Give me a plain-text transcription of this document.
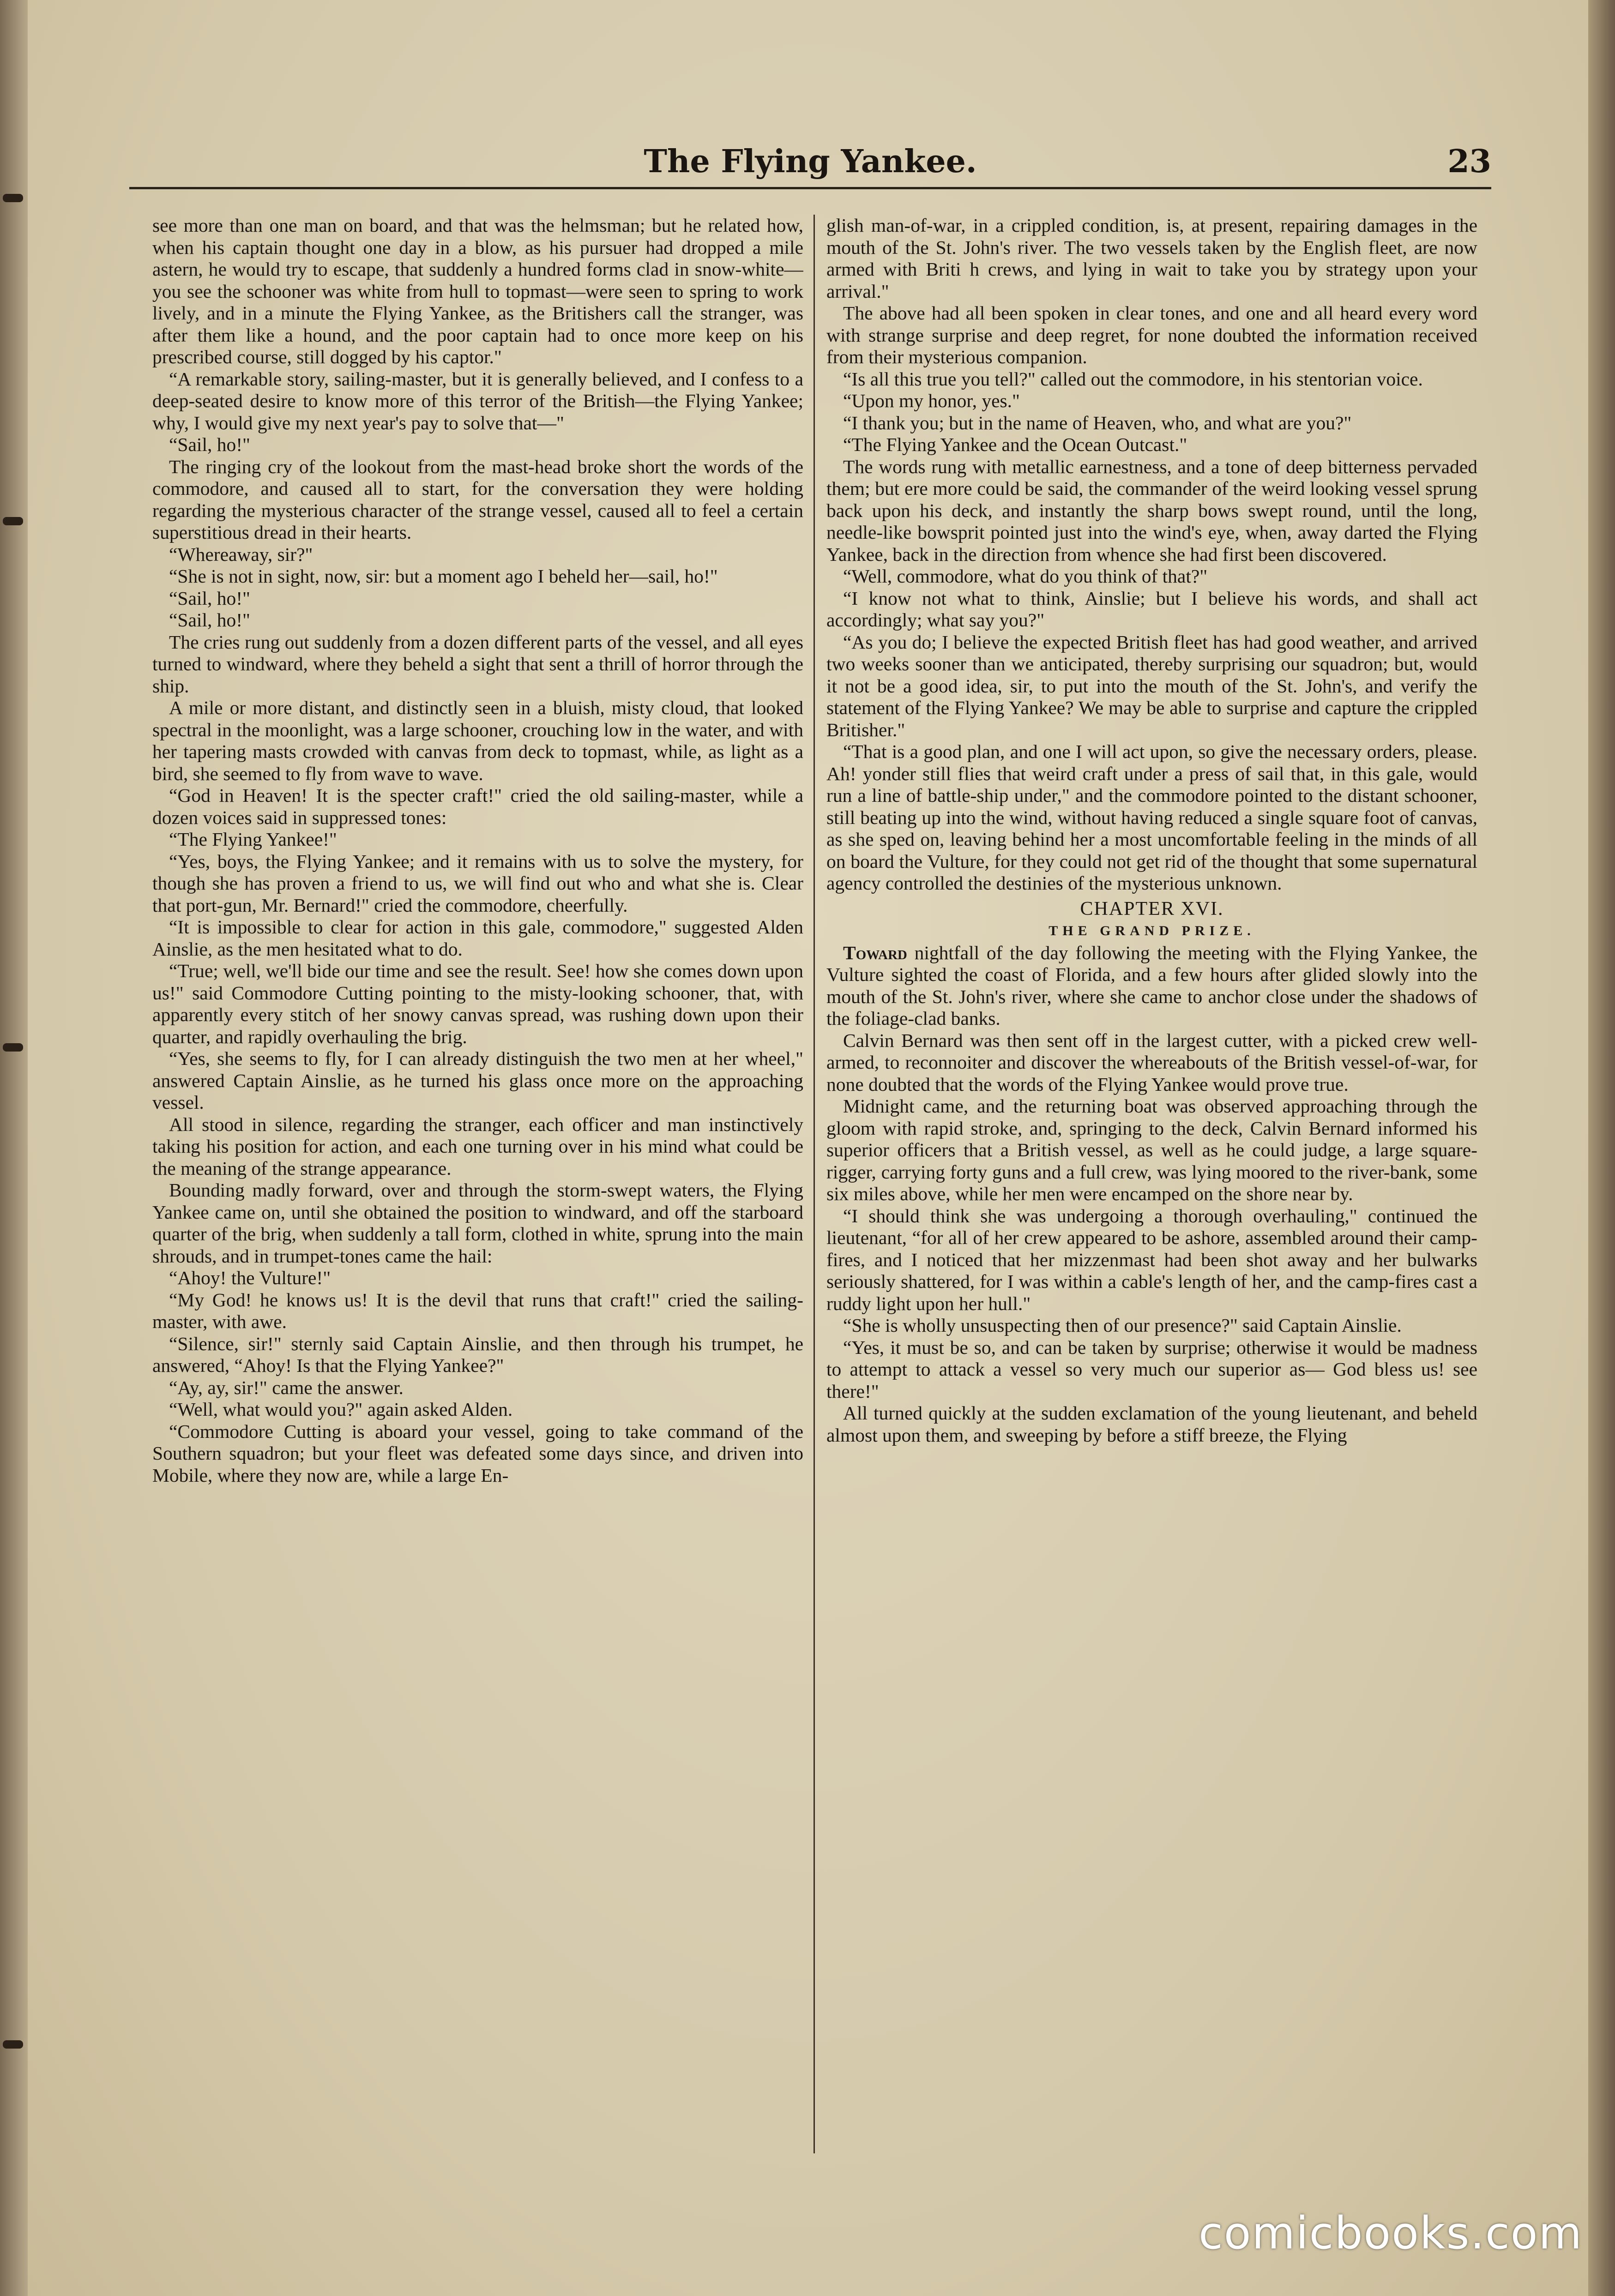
The Flying Yankee.	23

see more than one man on board, and that was the helmsman; but he related how, when his captain thought one day in a blow, as his pursuer had dropped a mile astern, he would try to escape, that suddenly a hundred forms clad in snow-white—you see the schooner was white from hull to topmast—were seen to spring to work lively, and in a minute the Flying Yankee, as the Britishers call the stranger, was after them like a hound, and the poor captain had to once more keep on his prescribed course, still dogged by his captor."

“A remarkable story, sailing-master, but it is generally believed, and I confess to a deep-seated desire to know more of this terror of the British—the Flying Yankee; why, I would give my next year's pay to solve that—"

“Sail, ho!"

The ringing cry of the lookout from the mast-head broke short the words of the commodore, and caused all to start, for the conversation they were holding regarding the mysterious character of the strange vessel, caused all to feel a certain superstitious dread in their hearts.

“Whereaway, sir?"

“She is not in sight, now, sir: but a moment ago I beheld her—sail, ho!"

“Sail, ho!"

“Sail, ho!"

The cries rung out suddenly from a dozen different parts of the vessel, and all eyes turned to windward, where they beheld a sight that sent a thrill of horror through the ship.

A mile or more distant, and distinctly seen in a bluish, misty cloud, that looked spectral in the moonlight, was a large schooner, crouching low in the water, and with her tapering masts crowded with canvas from deck to topmast, while, as light as a bird, she seemed to fly from wave to wave.

“God in Heaven! It is the specter craft!" cried the old sailing-master, while a dozen voices said in suppressed tones:

“The Flying Yankee!"

“Yes, boys, the Flying Yankee; and it remains with us to solve the mystery, for though she has proven a friend to us, we will find out who and what she is. Clear that port-gun, Mr. Bernard!" cried the commodore, cheerfully.

“It is impossible to clear for action in this gale, commodore," suggested Alden Ainslie, as the men hesitated what to do.

“True; well, we'll bide our time and see the result. See! how she comes down upon us!" said Commodore Cutting pointing to the misty-looking schooner, that, with apparently every stitch of her snowy canvas spread, was rushing down upon their quarter, and rapidly overhauling the brig.

“Yes, she seems to fly, for I can already distinguish the two men at her wheel," answered Captain Ainslie, as he turned his glass once more on the approaching vessel.

All stood in silence, regarding the stranger, each officer and man instinctively taking his position for action, and each one turning over in his mind what could be the meaning of the strange appearance.

Bounding madly forward, over and through the storm-swept waters, the Flying Yankee came on, until she obtained the position to windward, and off the starboard quarter of the brig, when suddenly a tall form, clothed in white, sprung into the main shrouds, and in trumpet-tones came the hail:

“Ahoy! the Vulture!"

“My God! he knows us! It is the devil that runs that craft!" cried the sailing-master, with awe.

“Silence, sir!" sternly said Captain Ainslie, and then through his trumpet, he answered, “Ahoy! Is that the Flying Yankee?"

“Ay, ay, sir!" came the answer.

“Well, what would you?" again asked Alden.

“Commodore Cutting is aboard your vessel, going to take command of the Southern squadron; but your fleet was defeated some days since, and driven into Mobile, where they now are, while a large En-

glish man-of-war, in a crippled condition, is, at present, repairing damages in the mouth of the St. John's river. The two vessels taken by the English fleet, are now armed with Briti h crews, and lying in wait to take you by strategy upon your arrival."

The above had all been spoken in clear tones, and one and all heard every word with strange surprise and deep regret, for none doubted the information received from their mysterious companion.

“Is all this true you tell?" called out the commodore, in his stentorian voice.

“Upon my honor, yes."

“I thank you; but in the name of Heaven, who, and what are you?"

“The Flying Yankee and the Ocean Outcast."

The words rung with metallic earnestness, and a tone of deep bitterness pervaded them; but ere more could be said, the commander of the weird looking vessel sprung back upon his deck, and instantly the sharp bows swept round, until the long, needle-like bowsprit pointed just into the wind's eye, when, away darted the Flying Yankee, back in the direction from whence she had first been discovered.

“Well, commodore, what do you think of that?"

“I know not what to think, Ainslie; but I believe his words, and shall act accordingly; what say you?"

“As you do; I believe the expected British fleet has had good weather, and arrived two weeks sooner than we anticipated, thereby surprising our squadron; but, would it not be a good idea, sir, to put into the mouth of the St. John's, and verify the statement of the Flying Yankee? We may be able to surprise and capture the crippled Britisher."

“That is a good plan, and one I will act upon, so give the necessary orders, please. Ah! yonder still flies that weird craft under a press of sail that, in this gale, would run a line of battle-ship under," and the commodore pointed to the distant schooner, still beating up into the wind, without having reduced a single square foot of canvas, as she sped on, leaving behind her a most uncomfortable feeling in the minds of all on board the Vulture, for they could not get rid of the thought that some supernatural agency controlled the destinies of the mysterious unknown.

CHAPTER XVI.

THE GRAND PRIZE.

Toward nightfall of the day following the meeting with the Flying Yankee, the Vulture sighted the coast of Florida, and a few hours after glided slowly into the mouth of the St. John's river, where she came to anchor close under the shadows of the foliage-clad banks.

Calvin Bernard was then sent off in the largest cutter, with a picked crew well-armed, to reconnoiter and discover the whereabouts of the British vessel-of-war, for none doubted that the words of the Flying Yankee would prove true.

Midnight came, and the returning boat was observed approaching through the gloom with rapid stroke, and, springing to the deck, Calvin Bernard informed his superior officers that a British vessel, as well as he could judge, a large square-rigger, carrying forty guns and a full crew, was lying moored to the river-bank, some six miles above, while her men were encamped on the shore near by.

“I should think she was undergoing a thorough overhauling," continued the lieutenant, “for all of her crew appeared to be ashore, assembled around their camp-fires, and I noticed that her mizzenmast had been shot away and her bulwarks seriously shattered, for I was within a cable's length of her, and the camp-fires cast a ruddy light upon her hull."

“She is wholly unsuspecting then of our presence?" said Captain Ainslie.

“Yes, it must be so, and can be taken by surprise; otherwise it would be madness to attempt to attack a vessel so very much our superior as— God bless us! see there!"

All turned quickly at the sudden exclamation of the young lieutenant, and beheld almost upon them, and sweeping by before a stiff breeze, the Flying

comicbooks.com
